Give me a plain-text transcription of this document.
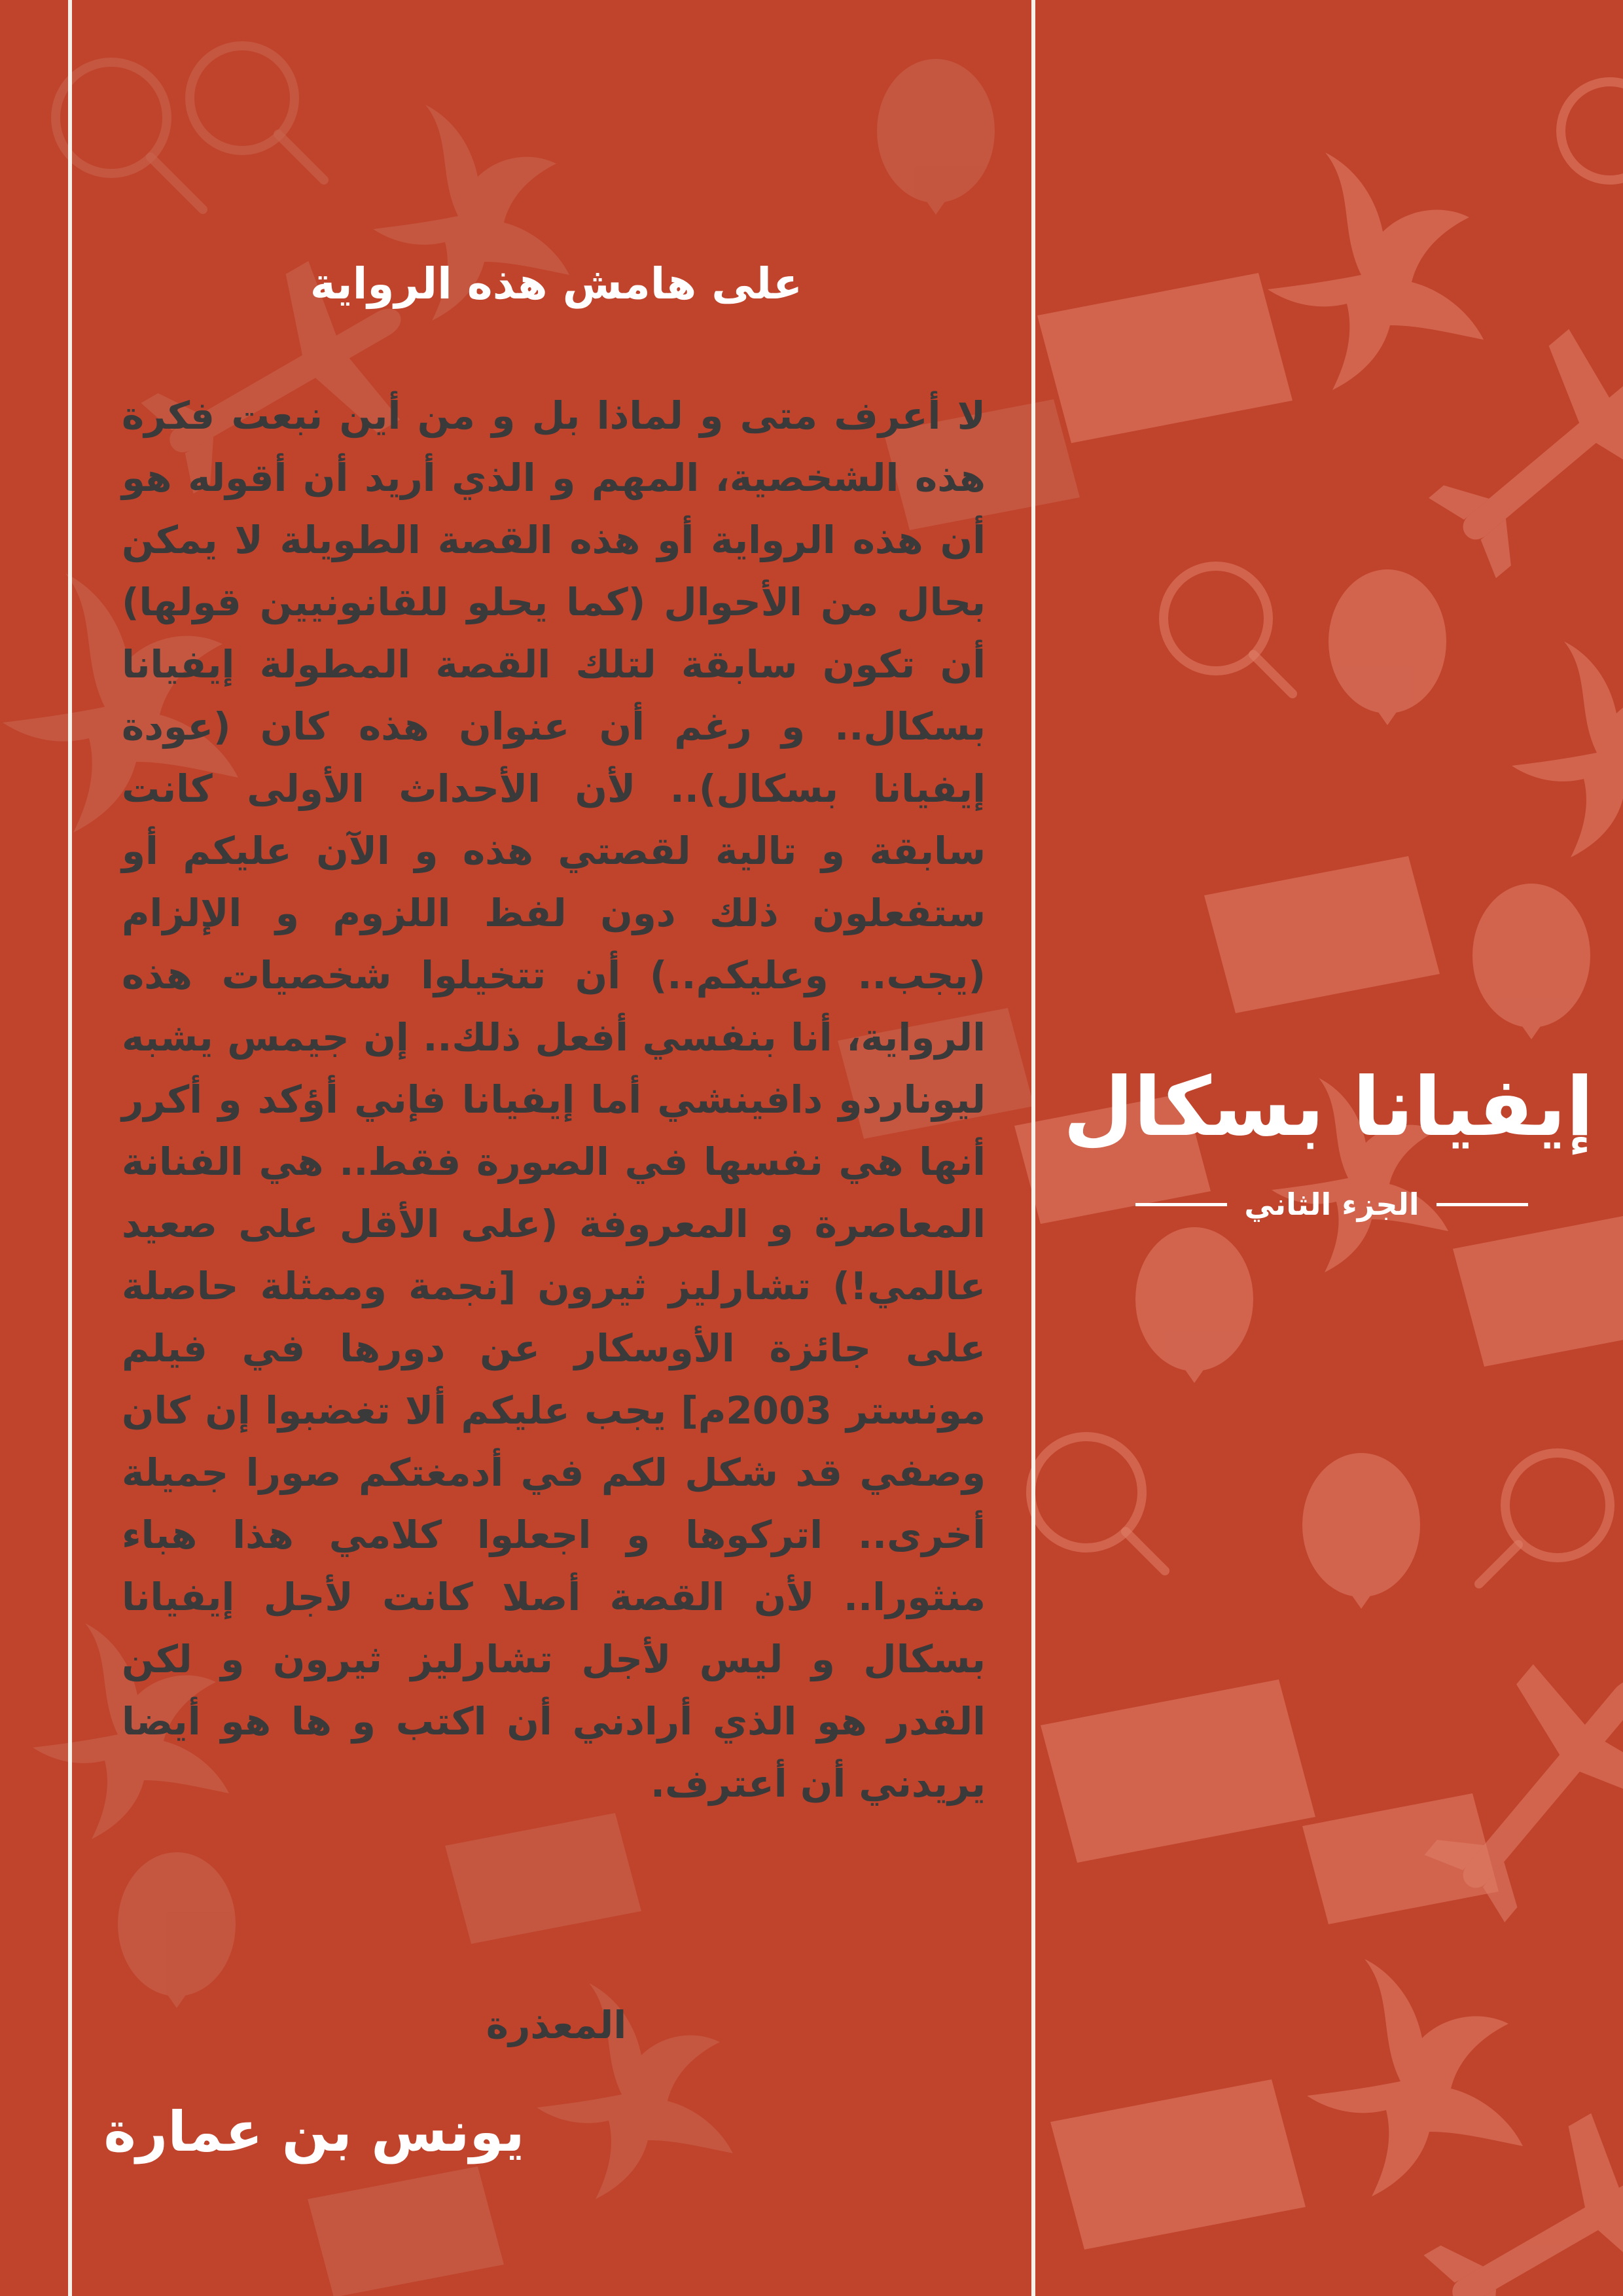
على هامش هذه الرواية

لا أعرف متى و لماذا بل و من أين نبعت فكرة هذه الشخصية، المهم و الذي أريد أن أقوله هو أن هذه الرواية أو هذه القصة الطويلة لا يمكن بحال من الأحوال (كما يحلو للقانونيين قولها) أن تكون سابقة لتلك القصة المطولة إيفيانا بسكال.. و رغم أن عنوان هذه كان (عودة إيفيانا بسكال).. لأن الأحداث الأولى كانت سابقة و تالية لقصتي هذه و الآن عليكم أو ستفعلون ذلك دون لفظ اللزوم و الإلزام (يجب.. وعليكم..) أن تتخيلوا شخصيات هذه الرواية، أنا بنفسي أفعل ذلك.. إن جيمس يشبه ليوناردو دافينشي أما إيفيانا فإني أؤكد و أكرر أنها هي نفسها في الصورة فقط.. هي الفنانة المعاصرة و المعروفة (على الأقل على صعيد عالمي!) تشارليز ثيرون [نجمة وممثلة حاصلة على جائزة الأوسكار عن دورها في فيلم مونستر 2003م] يجب عليكم ألا تغضبوا إن كان وصفي قد شكل لكم في أدمغتكم صورا جميلة أخرى.. اتركوها و اجعلوا كلامي هذا هباء منثورا.. لأن القصة أصلا كانت لأجل إيفيانا بسكال و ليس لأجل تشارليز ثيرون و لكن القدر هو الذي أرادني أن اكتب و ها هو أيضا يريدني أن أعترف.

المعذرة
يونس بن عمارة
إيفيانا بسكال
الجزء الثاني
